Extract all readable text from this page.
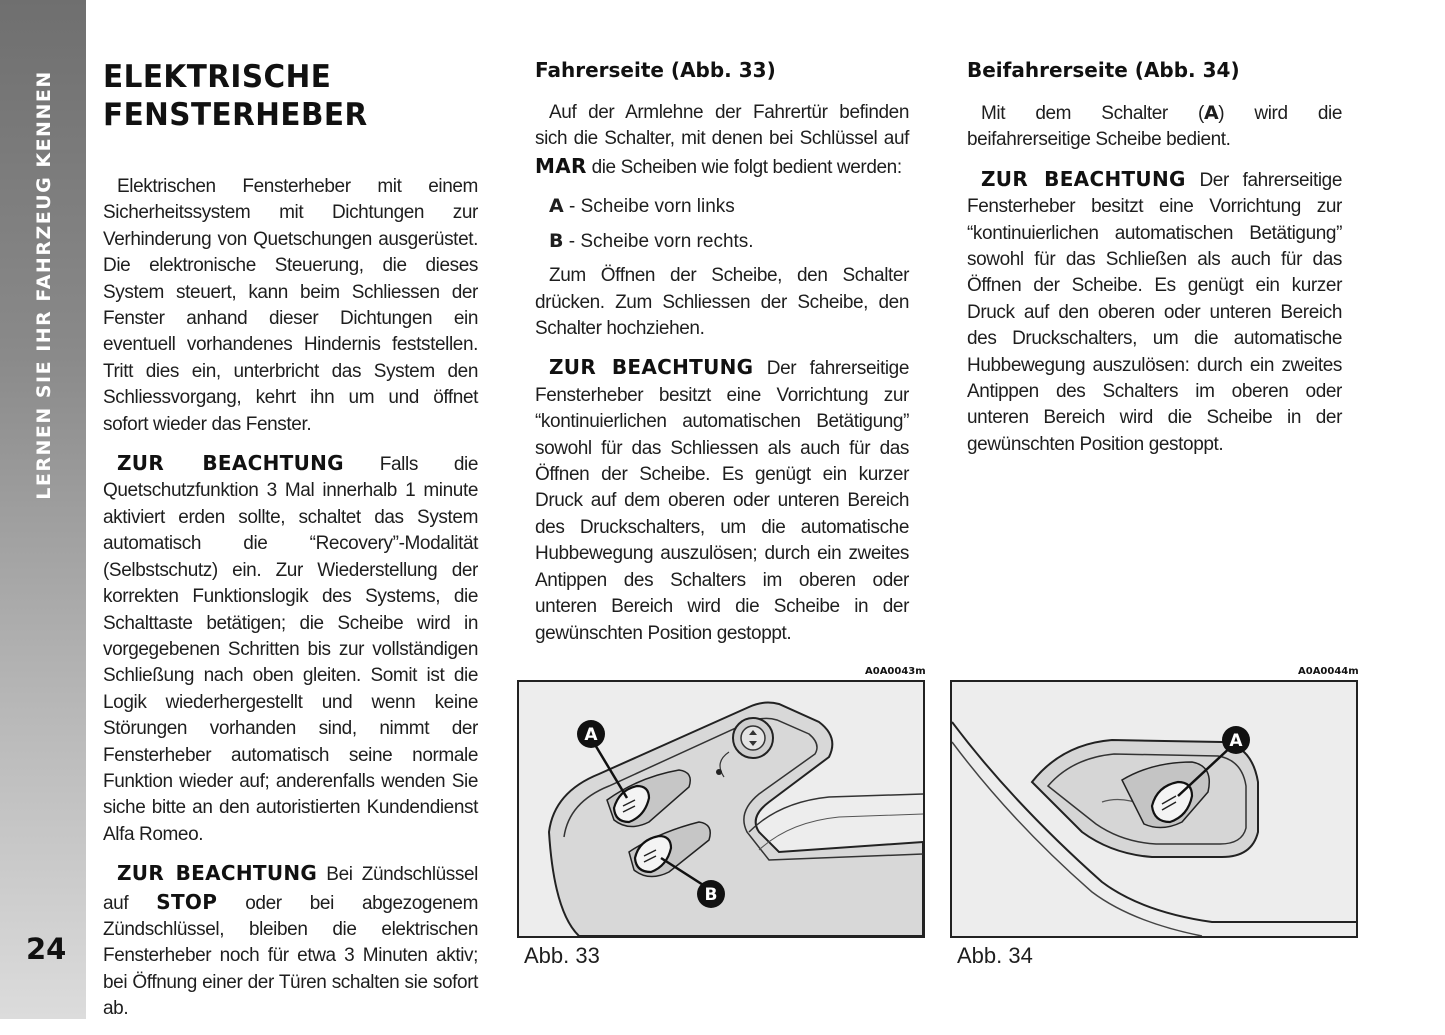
LERNEN SIE IHR FAHRZEUG KENNEN
24
ELEKTRISCHE
FENSTERHEBER

Elektrischen Fensterheber mit einem Sicherheitssystem mit Dichtungen zur Verhinderung von Quetschungen ausgerüstet. Die elektronische Steuerung, die dieses System steuert, kann beim Schliessen der Fenster anhand dieser Dichtungen ein eventuell vorhandenes Hindernis feststellen. Tritt dies ein, unterbricht das System den Schliessvorgang, kehrt ihn um und öffnet sofort wieder das Fenster.

ZUR BEACHTUNG Falls die Quetschutzfunktion 3 Mal innerhalb 1 minute aktiviert erden sollte, schaltet das System automatisch die “Recovery”-Modalität (Selbstschutz) ein. Zur Wiederstellung der korrekten Funktionslogik des Systems, die Schalttaste betätigen; die Scheibe wird in vorgegebenen Schritten bis zur vollständigen Schließung nach oben gleiten. Somit ist die Logik wiederhergestellt und wenn keine Störungen vorhanden sind, nimmt der Fensterheber automatisch seine normale Funktion wieder auf; anderenfalls wenden Sie siche bitte an den autoristierten Kundendienst Alfa Romeo.

ZUR BEACHTUNG Bei Zündschlüssel auf STOP oder bei abgezogenem Zündschlüssel, bleiben die elektrischen Fensterheber noch für etwa 3 Minuten aktiv; bei Öffnung einer der Türen schalten sie sofort ab.

Fahrerseite (Abb. 33)

Auf der Armlehne der Fahrertür befinden sich die Schalter, mit denen bei Schlüssel auf MAR die Scheiben wie folgt bedient werden:

A - Scheibe vorn links
B - Scheibe vorn rechts.

Zum Öffnen der Scheibe, den Schalter drücken. Zum Schliessen der Scheibe, den Schalter hochziehen.

ZUR BEACHTUNG Der fahrerseitige Fensterheber besitzt eine Vorrichtung zur “kontinuierlichen automatischen Betätigung” sowohl für das Schliessen als auch für das Öffnen der Scheibe. Es genügt ein kurzer Druck auf dem oberen oder unteren Bereich des Druckschalters, um die automatische Hubbewegung auszulösen; durch ein zweites Antippen des Schalters im oberen oder unteren Bereich wird die Scheibe in der gewünschten Position gestoppt.

Beifahrerseite (Abb. 34)

Mit dem Schalter (A) wird die beifahrerseitige Scheibe bedient.

ZUR BEACHTUNG Der fahrerseitige Fensterheber besitzt eine Vorrichtung zur “kontinuierlichen automatischen Betätigung” sowohl für das Schließen als auch für das Öffnen der Scheibe. Es genügt ein kurzer Druck auf den oberen oder unteren Bereich des Druckschalters, um die automatische Hubbewegung auszulösen: durch ein zweites Antippen des Schalters im oberen oder unteren Bereich wird die Scheibe in der gewünschten Position gestoppt.

A0A0043m
A
B
Abb. 33
A0A0044m
A
Abb. 34
